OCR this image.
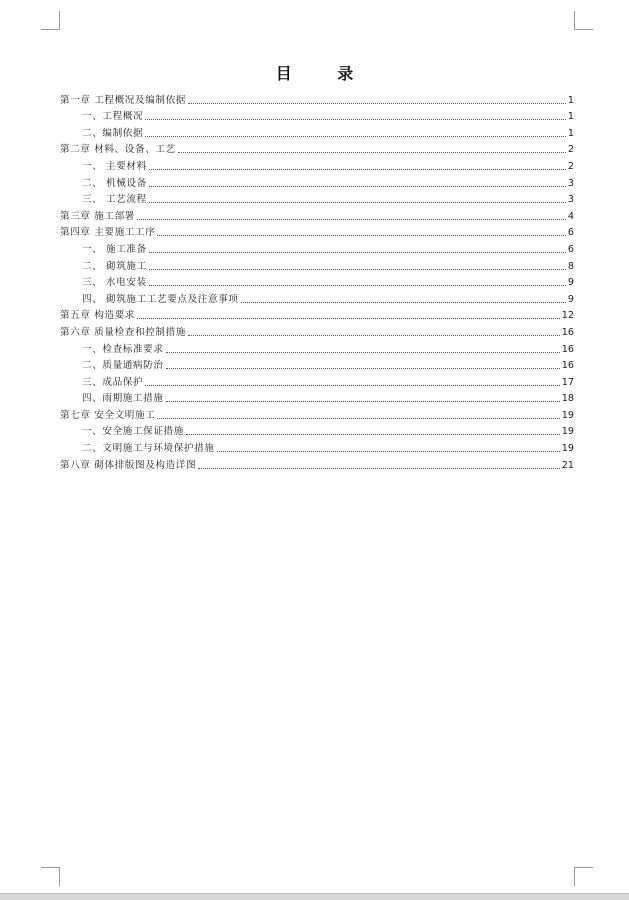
目 录
第一章 工程概况及编制依据	1
一、工程概况	1
二、编制依据	1
第二章 材料、设备、工艺	2
一、 主要材料	2
二、 机械设备	3
三、 工艺流程	3
第三章 施工部署	4
第四章 主要施工工序	6
一、 施工准备	6
二、 砌筑施工	8
三、 水电安装	9
四、 砌筑施工工艺要点及注意事项	9
第五章 构造要求	12
第六章 质量检查和控制措施	16
一、检查标准要求	16
二、质量通病防治	16
三、成品保护	17
四、雨期施工措施	18
第七章 安全文明施工	19
一、安全施工保证措施	19
二、文明施工与环境保护措施	19
第八章 砌体排版图及构造详图	21
